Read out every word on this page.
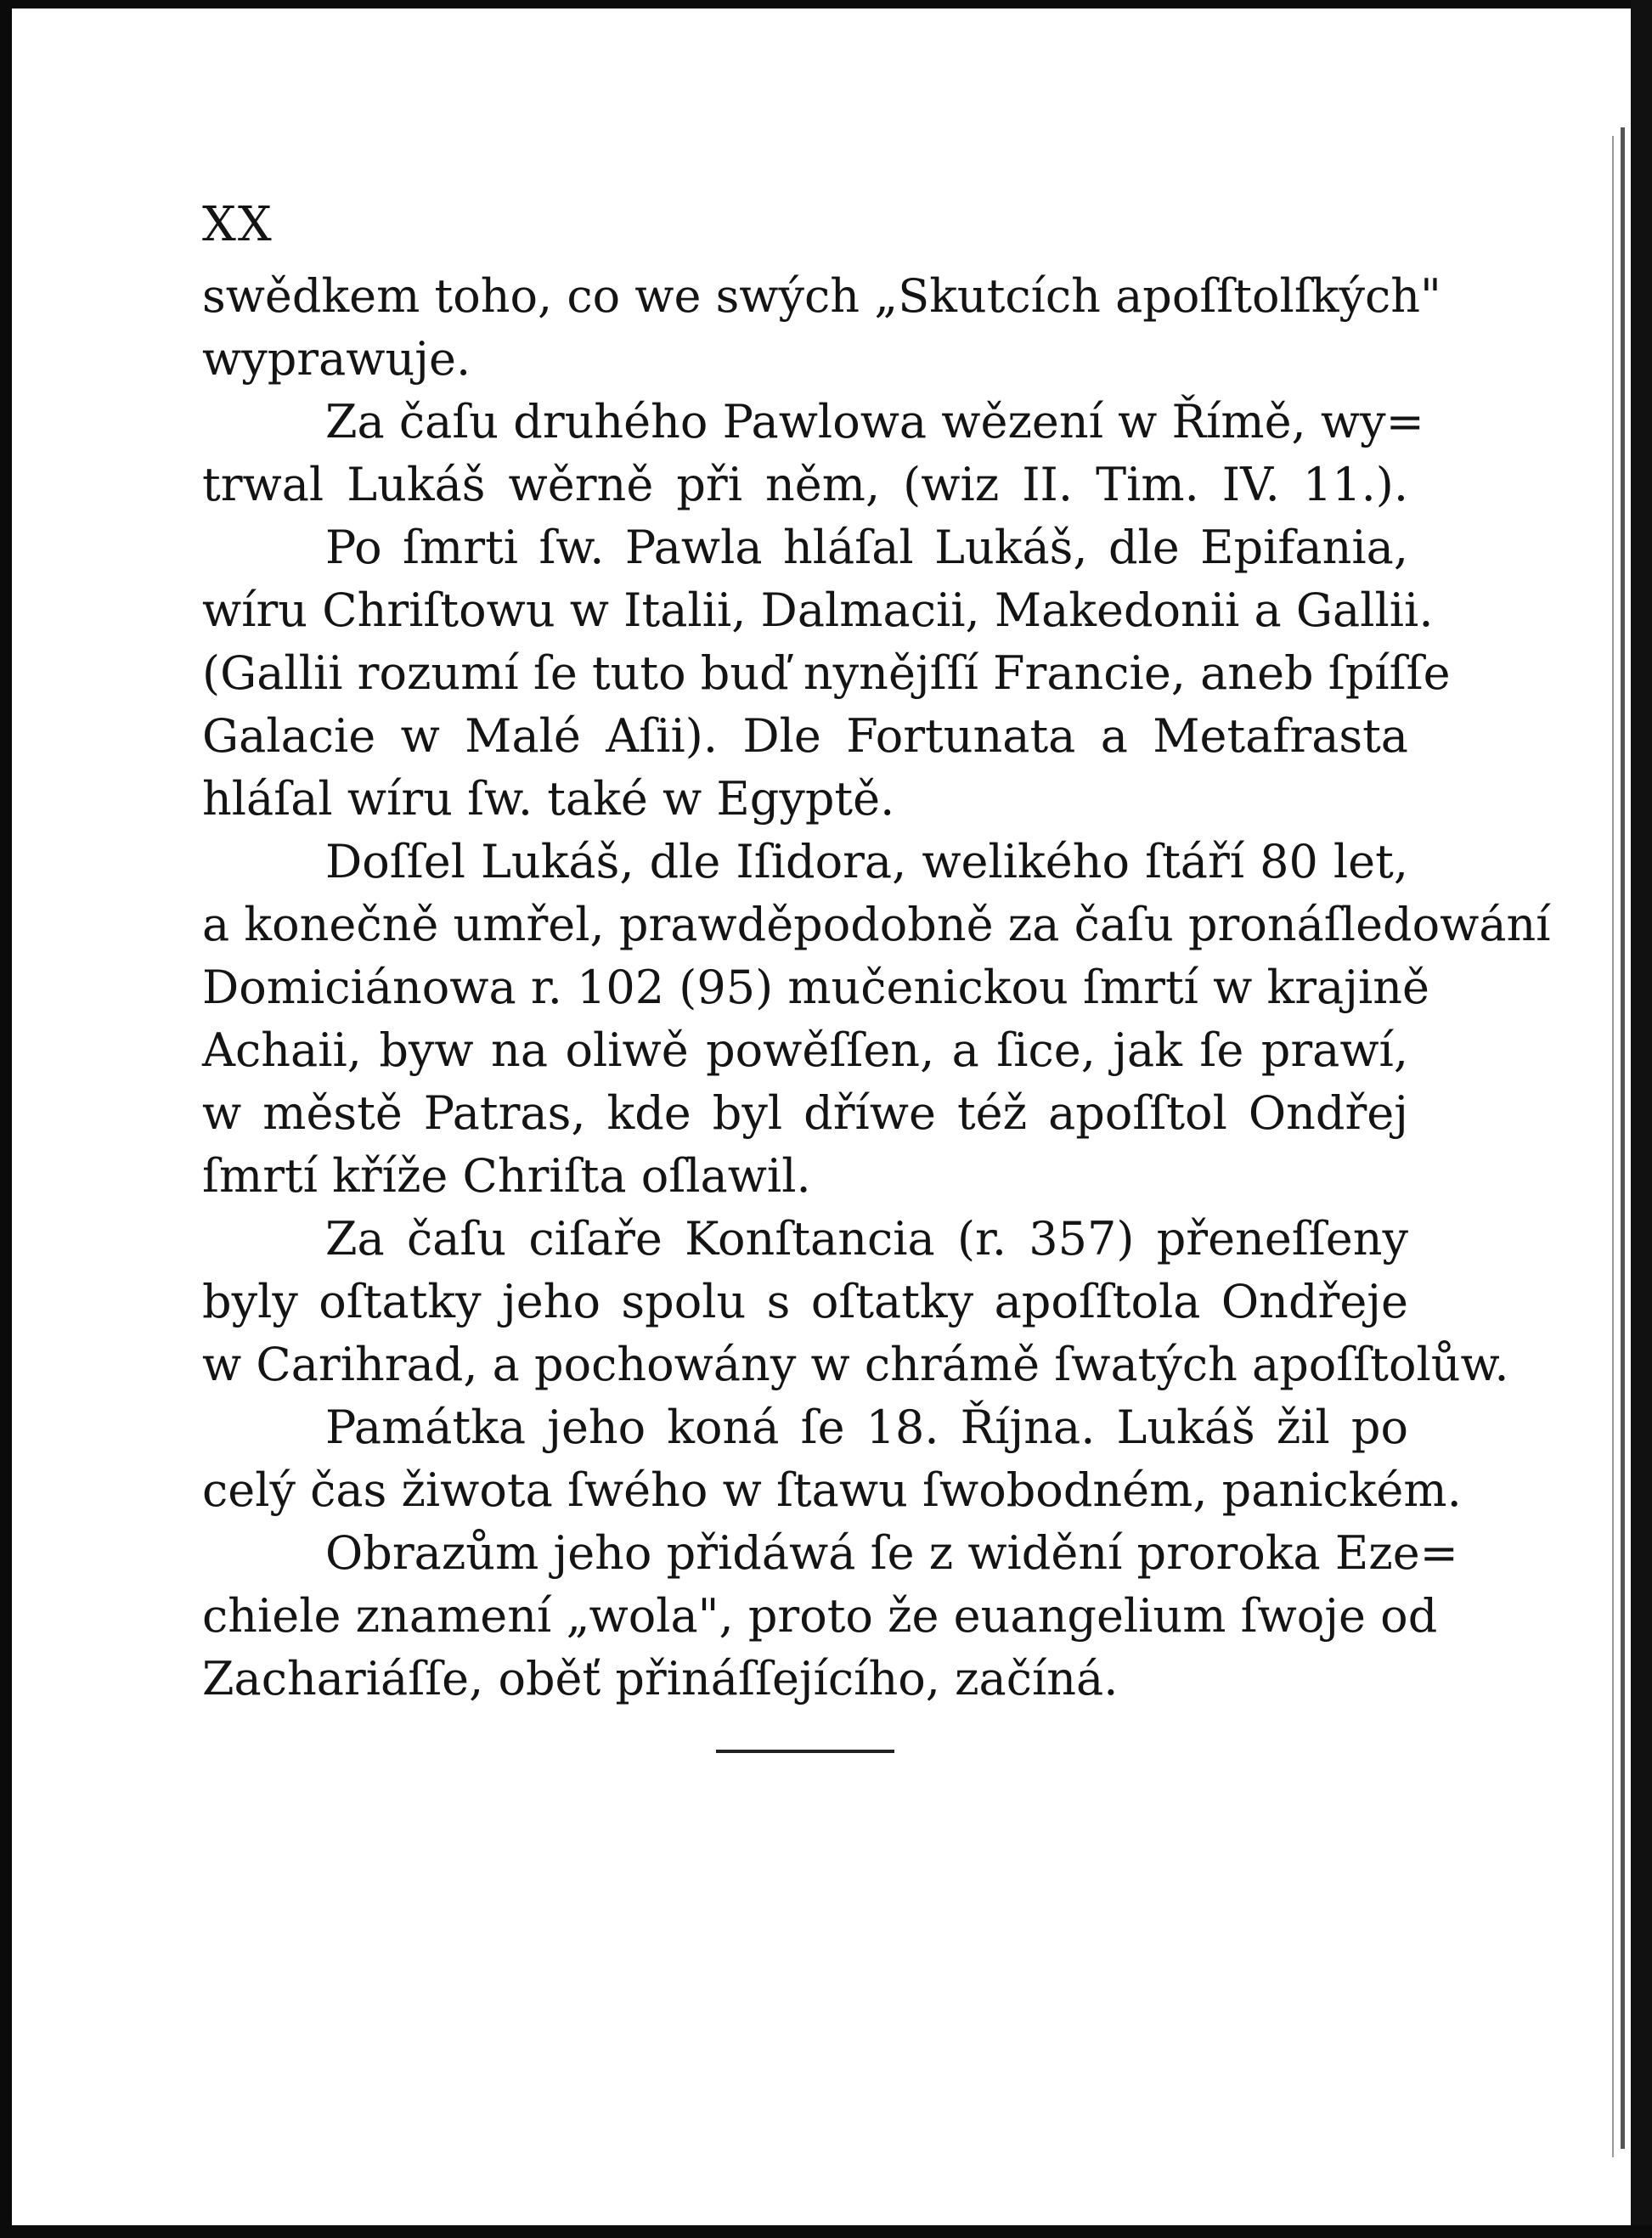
XX
swědkem toho, co we swých „Skutcích apoſſtolſkých"
wyprawuje.
Za čaſu druhého Pawlowa wězení w Římě, wy=
trwal Lukáš wěrně při něm, (wiz II. Tim. IV. 11.).
Po ſmrti ſw. Pawla hláſal Lukáš, dle Epifania,
wíru Chriſtowu w Italii, Dalmacii, Makedonii a Gallii.
(Gallii rozumí ſe tuto buď nynějſſí Francie, aneb ſpíſſe
Galacie w Malé Aſii). Dle Fortunata a Metafrasta
hláſal wíru ſw. také w Egyptě.
Doſſel Lukáš, dle Iſidora, welikého ſtáří 80 let,
a konečně umřel, prawděpodobně za čaſu pronáſledowání
Domiciánowa r. 102 (95) mučenickou ſmrtí w krajině
Achaii, byw na oliwě powěſſen, a ſice, jak ſe prawí,
w městě Patras, kde byl dříwe též apoſſtol Ondřej
ſmrtí kříže Chriſta oſlawil.
Za čaſu ciſaře Konſtancia (r. 357) přeneſſeny
byly oſtatky jeho spolu s oſtatky apoſſtola Ondřeje
w Carihrad, a pochowány w chrámě ſwatých apoſſtolůw.
Památka jeho koná ſe 18. Října. Lukáš žil po
celý čas žiwota ſwého w ſtawu ſwobodném, panickém.
Obrazům jeho přidáwá ſe z widění proroka Eze=
chiele znamení „wola", proto že euangelium ſwoje od
Zachariáſſe, oběť přináſſejícího, začíná.
